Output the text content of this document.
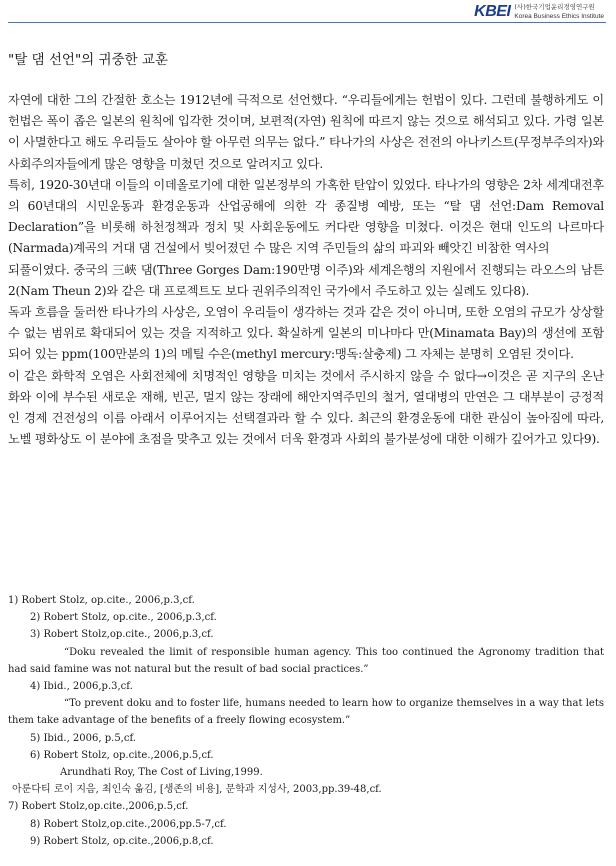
KBEI (사)한국기업윤리경영연구원
Korea Business Ethics Institute
"탈 댐 선언"의 귀중한 교훈

자연에 대한 그의 간절한 호소는 1912년에 극적으로 선언했다. “우리들에게는 헌법이 있다. 그런데 불행하게도 이 헌법은 폭이 좁은 일본의 원칙에 입각한 것이며, 보편적(자연) 원칙에 따르지 않는 것으로 해석되고 있다. 가령 일본이 사멸한다고 해도 우리들도 살아야 할 아무런 의무는 없다.” 타나가의 사상은 전전의 아나키스트(무정부주의자)와 사회주의자들에게 많은 영향을 미쳤던 것으로 알려지고 있다.

특히, 1920-30년대 이들의 이데올로기에 대한 일본정부의 가혹한 탄압이 있었다. 타나가의 영향은 2차 세계대전후의 60년대의 시민운동과 환경운동과 산업공해에 의한 각 종질병 예방, 또는 “탈 댐 선언:Dam Removal Declaration”을 비롯해 하천정책과 정치 및 사회운동에도 커다란 영향을 미쳤다. 이것은 현대 인도의 나르마다(Narmada)계곡의 거대 댐 건설에서 빚어졌던 수 많은 지역 주민들의 삶의 파괴와 빼앗긴 비참한 역사의

되풀이였다. 중국의 三峽 댐(Three Gorges Dam:190만명 이주)와 세계은행의 지원에서 진행되는 라오스의 남튼2(Nam Theun 2)와 같은 대 프로젝트도 보다 권위주의적인 국가에서 주도하고 있는 실례도 있다8).

독과 흐름을 둘러싼 타나가의 사상은, 오염이 우리들이 생각하는 것과 같은 것이 아니며, 또한 오염의 규모가 상상할 수 없는 범위로 확대되어 있는 것을 지적하고 있다. 확실하게 일본의 미나마다 만(Minamata Bay)의 생선에 포함되어 있는 ppm(100만분의 1)의 메틸 수은(methyl mercury:맹독:살충제) 그 자체는 분명히 오염된 것이다.

이 같은 화학적 오염은 사회전체에 치명적인 영향을 미치는 것에서 주시하지 않을 수 없다→이것은 곧 지구의 온난화와 이에 부수된 새로운 재해, 빈곤, 멀지 않는 장래에 해안지역주민의 철거, 열대병의 만연은 그 대부분이 긍정적인 경제 건전성의 이름 아래서 이루어지는 선택결과라 할 수 있다. 최근의 환경운동에 대한 관심이 높아짐에 따라, 노벨 평화상도 이 분야에 초점을 맞추고 있는 것에서 더욱 환경과 사회의 불가분성에 대한 이해가 깊어가고 있다9).

1) Robert Stolz, op.cite., 2006,p.3,cf.
2) Robert Stolz, op.cite., 2006,p.3,cf.
3) Robert Stolz,op.cite., 2006,p.3,cf.
“Doku revealed the limit of responsible human agency. This too continued the Agronomy tradition that had said famine was not natural but the result of bad social practices.”
4) Ibid., 2006,p.3,cf.
“To prevent doku and to foster life, humans needed to learn how to organize themselves in a way that lets them take advantage of the benefits of a freely flowing ecosystem.”
5) Ibid., 2006, p.5,cf.
6) Robert Stolz, op.cite.,2006,p.5,cf.
Arundhati Roy, The Cost of Living,1999.
아룬다티 로이 지음, 최인숙 옮김, [생존의 비용], 문학과 지성사, 2003,pp.39-48,cf.
7) Robert Stolz,op.cite.,2006,p.5,cf.
8) Robert Stolz,op.cite.,2006,pp.5-7,cf.
9) Robert Stolz, op.cite.,2006,p.8,cf.
